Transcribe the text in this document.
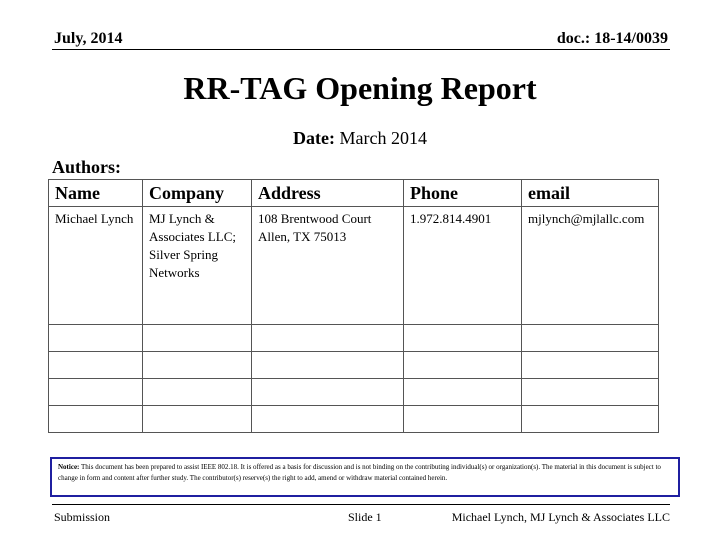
July, 2014	doc.: 18-14/0039
RR-TAG Opening Report
Date: March 2014
Authors:
Name	Company	Address	Phone	email
Michael Lynch	MJ Lynch & Associates LLC; Silver Spring Networks	108 Brentwood Court Allen, TX 75013	1.972.814.4901	mjlynch@mjlallc.com

Notice: This document has been prepared to assist IEEE 802.18. It is offered as a basis for discussion and is not binding on the contributing individual(s) or organization(s). The material in this document is subject to change in form and content after further study. The contributor(s) reserve(s) the right to add, amend or withdraw material contained herein.
Submission	Slide 1	Michael Lynch, MJ Lynch & Associates LLC
